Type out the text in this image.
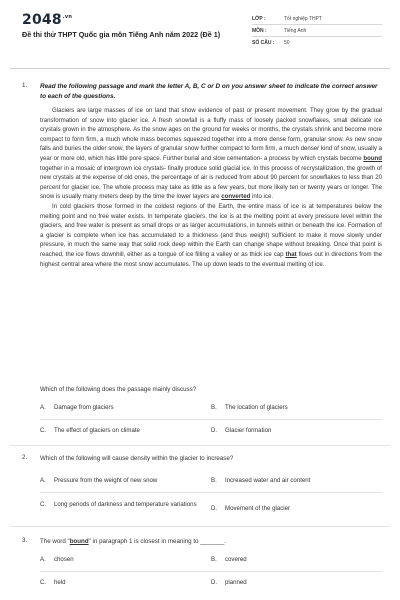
$2048^{.vn}$
Đề thi thử THPT Quốc gia môn Tiếng Anh năm 2022 (Đề 1)
LỚP :	Tốt nghiệp THPT
MÔN :	Tiếng Anh
SỐ CÂU :	50
1. Read the following passage and mark the letter A, B, C or D on you answer sheet to indicate the correct answer to each of the questions.

Glaciers are large masses of ice on land that show evidence of past or present movement. They grow by the gradual transformation of snow into glacier ice. A fresh snowfall is a fluffy mass of loosely packed snowflakes, small delicate ice crystals grown in the atmosphere. As the snow ages on the ground for weeks or months, the crystals shrink and become more compact to form firm, a much whole mass becomes squeezed together into a more dense form, granular snow. As new snow falls and buries the older snow, the layers of granular snow further compact to form firm, a much denser kind of snow, usually a year or more old, which has little pore space. Further burial and slow cementation- a process by which crystals become bound together in a mosaic of intergrown ice crystals- finally produce solid glacial ice. In this process of recrystallization, the growth of new crystals at the expense of old ones, the percentage of air is reduced from about 90 percent for snowflakes to less than 20 percent for glacier ice. The whole process may take as little as a few years, but more likely ten or twenty years or longer. The snow is usually many meters deep by the time the lower layers are converted into ice.

In cold glaciers those formed in the coldest regions of the Earth, the entire mass of ice is at temperatures below the melting point and no free water exists. In temperate glaciers, the ice is at the melting point at every pressure level within the glaciers, and free water is present as small drops or as larger accumulations, in tunnels within or beneath the ice. Formation of a glacier is complete when ice has accumulated to a thickness (and thus weight) sufficient to make it move slowly under pressure, in much the same way that solid rock deep within the Earth can change shape without breaking. Once that point is reached, the ice flows downhill, either as a tongue of ice filling a valley or as thick ice cap that flows out in directions from the highest central area where the most snow accumulates. The up down leads to the eventual melting of ice.

Which of the following does the passage mainly discuss?
A.	Damage from glaciers	B.	The location of glaciers
C.	The effect of glaciers on climate	D.	Glacier formation
2. Which of the following will cause density within the glacier to increase?
A.	Pressure from the weight of new snow	B.	Increased water and air content
C.	Long periods of darkness and temperature variations
D.	Movement of the glacier
3. The word "bound" in paragraph 1 is closest in meaning to _______.
A.	chosen	B.	covered
C.	held	D.	planned
